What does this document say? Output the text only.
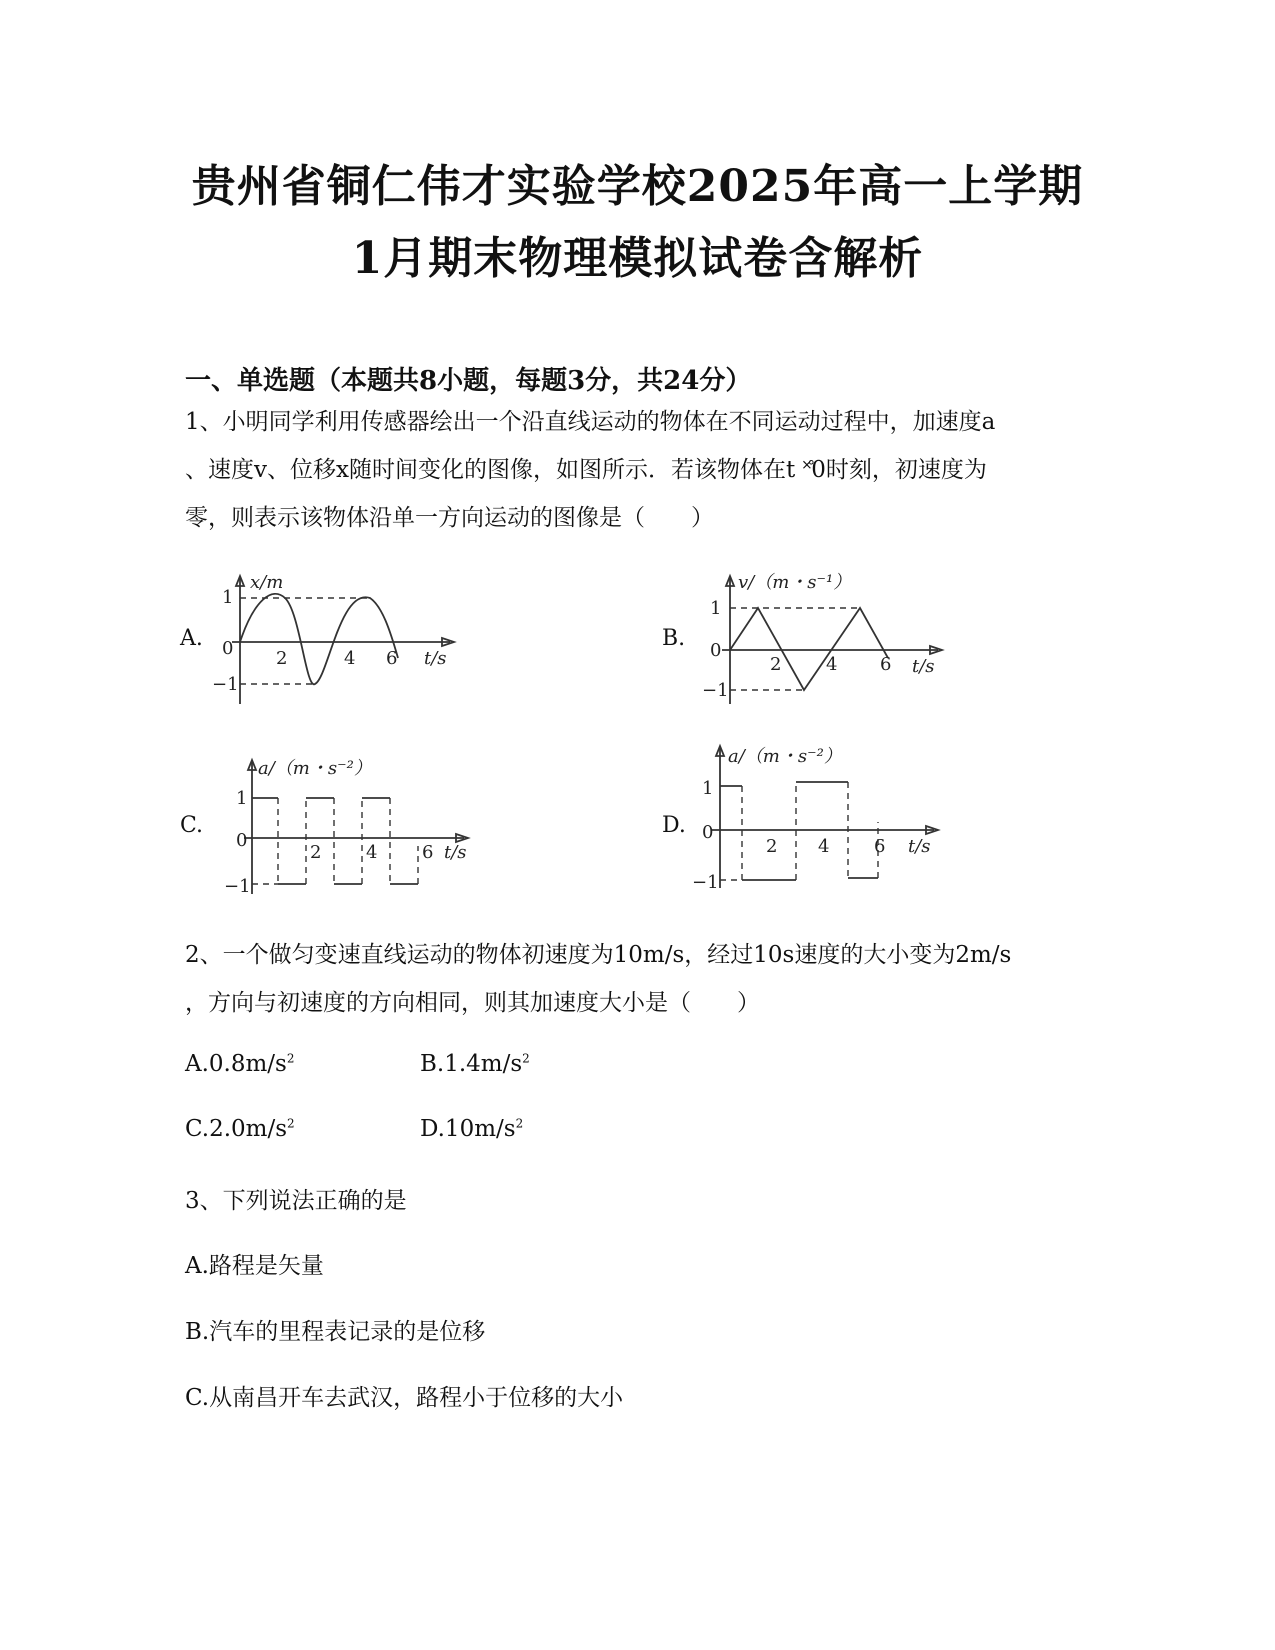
贵州省铜仁伟才实验学校2025年高一上学期
1月期末物理模拟试卷含解析
一、单选题（本题共8小题，每题3分，共24分）
1、小明同学利用传感器绘出一个沿直线运动的物体在不同运动过程中，加速度a
、速度v、位移x随时间变化的图像，如图所示．若该物体在t ˟̊0时刻，初速度为
零，则表示该物体沿单一方向运动的图像是（　　）
A.
x/m
1
0
−1
2	4 6 t/s
B.
v/（m・s⁻¹）
1
0
−1
2 4 6 t/s
C.
a/（m・s⁻²）
1
0
−1
2 4 6 t/s
D.
a/（m・s⁻²）
1
0
−1
2 4 6 t/s
2、一个做匀变速直线运动的物体初速度为10m/s，经过10s速度的大小变为2m/s
，方向与初速度的方向相同，则其加速度大小是（　　）
$A.0.8m/s^2$	$B.1.4m/s^2$
$C.2.0m/s^2$	$D.10m/s^2$
3、下列说法正确的是
A.路程是矢量
B.汽车的里程表记录的是位移
C.从南昌开车去武汉，路程小于位移的大小
